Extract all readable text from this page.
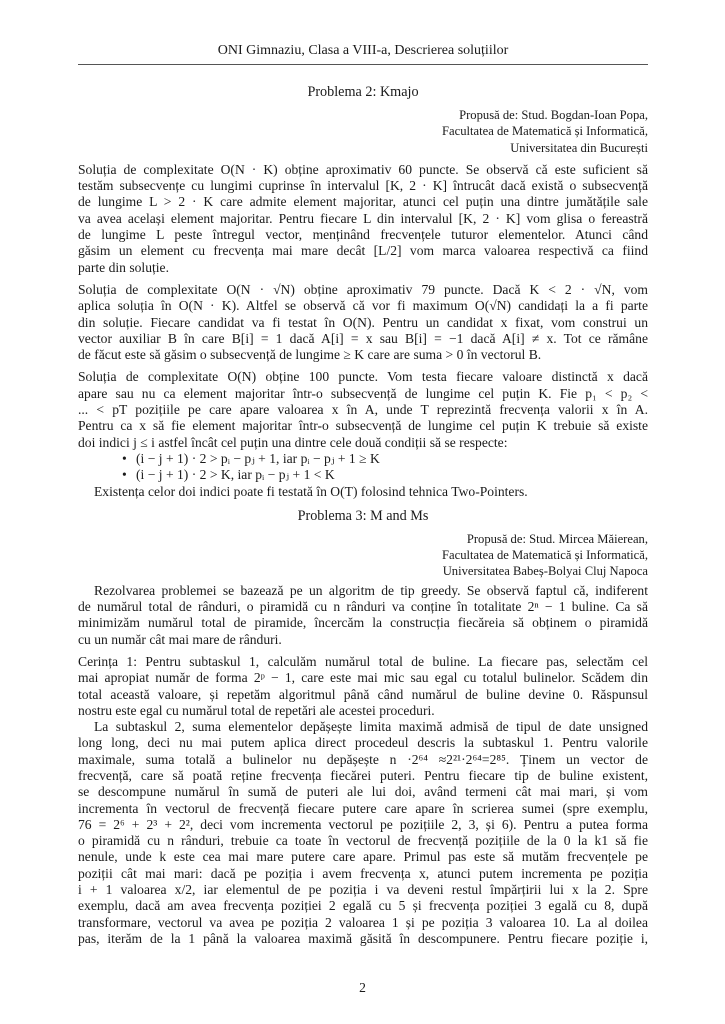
ONI Gimnaziu, Clasa a VIII-a, Descrierea soluțiilor
Problema 2: Kmajo
Propusă de: Stud. Bogdan-Ioan Popa,
Facultatea de Matematică și Informatică,
Universitatea din București
Soluția de complexitate O(N · K) obține aproximativ 60 puncte. Se observă că este suficient să
testăm subsecvențe cu lungimi cuprinse în intervalul [K, 2 · K] întrucât dacă există o subsecvență
de lungime L > 2 · K care admite element majoritar, atunci cel puțin una dintre jumătățile sale
va avea același element majoritar. Pentru fiecare L din intervalul [K, 2 · K] vom glisa o fereastră
de lungime L peste întregul vector, menținând frecvențele tuturor elementelor. Atunci când
găsim un element cu frecvența mai mare decât [L/2] vom marca valoarea respectivă ca fiind
parte din soluție.
Soluția de complexitate O(N · √N) obține aproximativ 79 puncte. Dacă K < 2 · √N, vom
aplica soluția în O(N · K). Altfel se observă că vor fi maximum O(√N) candidați la a fi parte
din soluție. Fiecare candidat va fi testat în O(N). Pentru un candidat x fixat, vom construi un
vector auxiliar B în care B[i] = 1 dacă A[i] = x sau B[i] = −1 dacă A[i] ≠ x. Tot ce rămâne
de făcut este să găsim o subsecvență de lungime ≥ K care are suma > 0 în vectorul B.
Soluția de complexitate O(N) obține 100 puncte. Vom testa fiecare valoare distinctă x dacă
apare sau nu ca element majoritar într-o subsecvență de lungime cel puțin K. Fie p₁ < p₂ <
... < pT pozițiile pe care apare valoarea x în A, unde T reprezintă frecvența valorii x în A.
Pentru ca x să fie element majoritar într-o subsecvență de lungime cel puțin K trebuie să existe
doi indici j ≤ i astfel încât cel puțin una dintre cele două condiții să se respecte:
• (i − j + 1) · 2 > pᵢ − pⱼ + 1, iar pᵢ − pⱼ + 1 ≥ K
• (i − j + 1) · 2 > K, iar pᵢ − pⱼ + 1 < K
Existența celor doi indici poate fi testată în O(T) folosind tehnica Two-Pointers.
Problema 3: M and Ms
Propusă de: Stud. Mircea Măierean,
Facultatea de Matematică și Informatică,
Universitatea Babeș-Bolyai Cluj Napoca
Rezolvarea problemei se bazează pe un algoritm de tip greedy. Se observă faptul că, indiferent
de numărul total de rânduri, o piramidă cu n rânduri va conține în totalitate 2ⁿ − 1 buline. Ca să
minimizăm numărul total de piramide, încercăm la construcția fiecăreia să obținem o piramidă
cu un număr cât mai mare de rânduri.
Cerința 1: Pentru subtaskul 1, calculăm numărul total de buline. La fiecare pas, selectăm cel
mai apropiat număr de forma 2ᵖ − 1, care este mai mic sau egal cu totalul bulinelor. Scădem din
total această valoare, și repetăm algoritmul până când numărul de buline devine 0. Răspunsul
nostru este egal cu numărul total de repetări ale acestei proceduri.
La subtaskul 2, suma elementelor depășește limita maximă admisă de tipul de date unsigned
long long, deci nu mai putem aplica direct procedeul descris la subtaskul 1. Pentru valorile
maximale, suma totală a bulinelor nu depășește n ·2⁶⁴ ≈2²¹·2⁶⁴=2⁸⁵. Ținem un vector de
frecvență, care să poată reține frecvența fiecărei puteri. Pentru fiecare tip de buline existent,
se descompune numărul în sumă de puteri ale lui doi, având termeni cât mai mari, și vom
incrementa în vectorul de frecvență fiecare putere care apare în scrierea sumei (spre exemplu,
76 = 2⁶ + 2³ + 2², deci vom incrementa vectorul pe pozițiile 2, 3, și 6). Pentru a putea forma
o piramidă cu n rânduri, trebuie ca toate în vectorul de frecvență pozițiile de la 0 la k1 să fie
nenule, unde k este cea mai mare putere care apare. Primul pas este să mutăm frecvențele pe
poziții cât mai mari: dacă pe poziția i avem frecvența x, atunci putem incrementa pe poziția
i + 1 valoarea x/2, iar elementul de pe poziția i va deveni restul împărțirii lui x la 2. Spre
exemplu, dacă am avea frecvența poziției 2 egală cu 5 și frecvența poziției 3 egală cu 8, după
transformare, vectorul va avea pe poziția 2 valoarea 1 și pe poziția 3 valoarea 10. La al doilea
pas, iterăm de la 1 până la valoarea maximă găsită în descompunere. Pentru fiecare poziție i,
2
